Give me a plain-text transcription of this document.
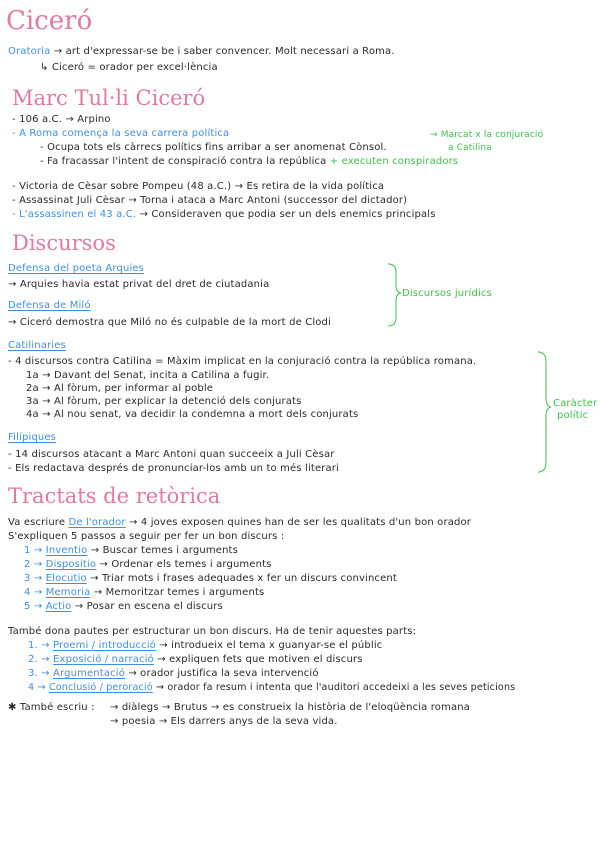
Ciceró
Oratoria → art d'expressar-se be i saber convencer. Molt necessari a Roma.
↳ Ciceró = orador per excel·lència
Marc Tul·li Ciceró
- 106 a.C. → Arpino
- A Roma comença la seva carrera política
- Ocupa tots els càrrecs polítics fins arribar a ser anomenat Cònsol.
- Fa fracassar l'intent de conspiració contra la república + executen conspiradors
→ Marcat x la conjuració
a Catilina
- Victoria de Cèsar sobre Pompeu (48 a.C.) → Es retira de la vida política
- Assassinat Juli Cèsar → Torna i ataca a Marc Antoni (successor del dictador)
- L'assassinen el 43 a.C. → Consideraven que podia ser un dels enemics principals
Discursos
Defensa del poeta Arquies
→ Arquies havia estat privat del dret de ciutadania
Defensa de Miló
→ Ciceró demostra que Miló no és culpable de la mort de Clodi
Discursos jurídics
Catilinaries
- 4 discursos contra Catilina = Màxim implicat en la conjuració contra la república romana.
1a → Davant del Senat, incita a Catilina a fugir.
2a → Al fòrum, per informar al poble
3a → Al fòrum, per explicar la detenció dels conjurats
4a → Al nou senat, va decidir la condemna a mort dels conjurats
Filípiques
- 14 discursos atacant a Marc Antoni quan succeeix a Juli Cèsar
- Els redactava després de pronunciar-los amb un to més literari
Caràcter
polític
Tractats de retòrica
Va escriure De l'orador → 4 joves exposen quines han de ser les qualitats d'un bon orador
S'expliquen 5 passos a seguir per fer un bon discurs :
1 → Inventio → Buscar temes i arguments
2 → Dispositio → Ordenar els temes i arguments
3 → Elocutio → Triar mots i frases adequades x fer un discurs convincent
4 → Memoria → Memoritzar temes i arguments
5 → Actio → Posar en escena el discurs
També dona pautes per estructurar un bon discurs. Ha de tenir aquestes parts:
1. → Proemi / introducció → introdueix el tema x guanyar-se el públic
2. → Exposició / narració → expliquen fets que motiven el discurs
3. → Argumentació → orador justifica la seva intervenció
4 → Conclusió / peroració → orador fa resum i intenta que l'auditori accedeixi a les seves peticions
✱ També escriu : → diàlegs → Brutus → es construeix la història de l'eloqüència romana
→ poesia → Els darrers anys de la seva vida.
